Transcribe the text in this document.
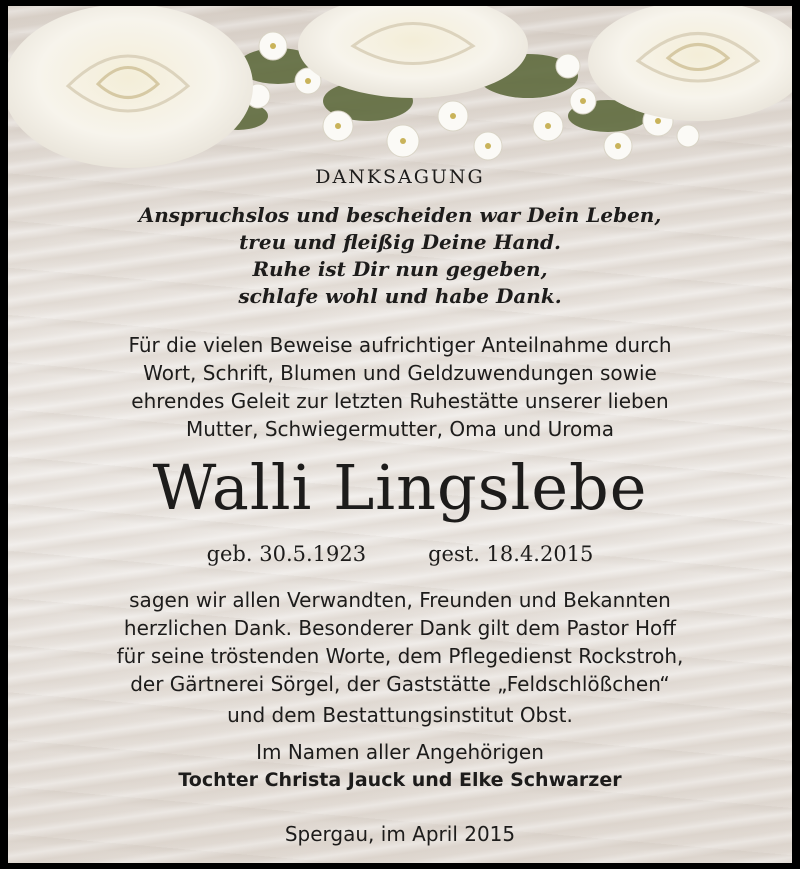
DANKSAGUNG
Anspruchslos und bescheiden war Dein Leben,
treu und fleißig Deine Hand.
Ruhe ist Dir nun gegeben,
schlafe wohl und habe Dank.
Für die vielen Beweise aufrichtiger Anteilnahme durch
Wort, Schrift, Blumen und Geldzuwendungen sowie
ehrendes Geleit zur letzten Ruhestätte unserer lieben
Mutter, Schwiegermutter, Oma und Uroma
Walli Lingslebe
geb. 30.5.1923	gest. 18.4.2015
sagen wir allen Verwandten, Freunden und Bekannten
herzlichen Dank. Besonderer Dank gilt dem Pastor Hoff
für seine tröstenden Worte, dem Pflegedienst Rockstroh,
der Gärtnerei Sörgel, der Gaststätte „Feldschlößchen“
und dem Bestattungsinstitut Obst.
Im Namen aller Angehörigen
Tochter Christa Jauck und Elke Schwarzer
Spergau, im April 2015
